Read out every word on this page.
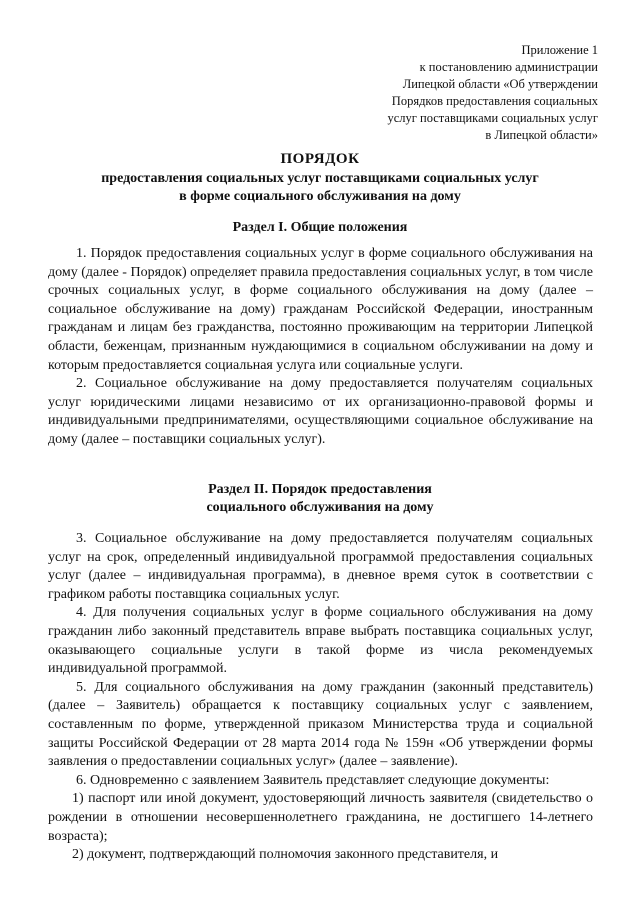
Приложение 1
к постановлению администрации
Липецкой области «Об утверждении
Порядков предоставления социальных
услуг поставщиками социальных услуг
в Липецкой области»
ПОРЯДОК
предоставления социальных услуг поставщиками социальных услуг
в форме социального обслуживания на дому
Раздел I. Общие положения

1. Порядок предоставления социальных услуг в форме социального обслуживания на дому (далее - Порядок) определяет правила предоставления социальных услуг, в том числе срочных социальных услуг, в форме социального обслуживания на дому (далее – социальное обслуживание на дому) гражданам Российской Федерации, иностранным гражданам и лицам без гражданства, постоянно проживающим на территории Липецкой области, беженцам, признанным нуждающимися в социальном обслуживании на дому и которым предоставляется социальная услуга или социальные услуги.

2. Социальное обслуживание на дому предоставляется получателям социальных услуг юридическими лицами независимо от их организационно-правовой формы и индивидуальными предпринимателями, осуществляющими социальное обслуживание на дому (далее – поставщики социальных услуг).

Раздел II. Порядок предоставления
социального обслуживания на дому

3. Социальное обслуживание на дому предоставляется получателям социальных услуг на срок, определенный индивидуальной программой предоставления социальных услуг (далее – индивидуальная программа), в дневное время суток в соответствии с графиком работы поставщика социальных услуг.

4. Для получения социальных услуг в форме социального обслуживания на дому гражданин либо законный представитель вправе выбрать поставщика социальных услуг, оказывающего социальные услуги в такой форме из числа рекомендуемых индивидуальной программой.

5. Для социального обслуживания на дому гражданин (законный представитель) (далее – Заявитель) обращается к поставщику социальных услуг с заявлением, составленным по форме, утвержденной приказом Министерства труда и социальной защиты Российской Федерации от 28 марта 2014 года № 159н «Об утверждении формы заявления о предоставлении социальных услуг» (далее – заявление).

6. Одновременно с заявлением Заявитель представляет следующие документы:

1) паспорт или иной документ, удостоверяющий личность заявителя (свидетельство о рождении в отношении несовершеннолетнего гражданина, не достигшего 14-летнего возраста);

2) документ, подтверждающий полномочия законного представителя, и
